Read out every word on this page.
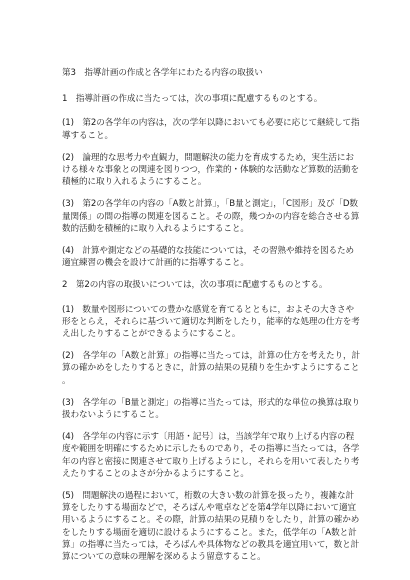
第3　指導計画の作成と各学年にわたる内容の取扱い

1　指導計画の作成に当たっては，次の事項に配慮するものとする。

(1)　第2の各学年の内容は，次の学年以降においても必要に応じて継続して指導すること。

(2)　論理的な思考力や直観力，問題解決の能力を育成するため，実生活における様々な事象との関連を図りつつ，作業的・体験的な活動など算数的活動を積極的に取り入れるようにすること。

(3)　第2の各学年の内容の「A数と計算」，「B量と測定」，「C図形」及び「D数量関係」の間の指導の関連を図ること。その際，幾つかの内容を総合させる算数的活動を積極的に取り入れるようにすること。

(4)　計算や測定などの基礎的な技能については，その習熟や維持を図るため適宜練習の機会を設けて計画的に指導すること。

2　第2の内容の取扱いについては，次の事項に配慮するものとする。

(1)　数量や図形についての豊かな感覚を育てるとともに，およその大きさや形をとらえ，それらに基づいて適切な判断をしたり，能率的な処理の仕方を考え出したりすることができるようにすること。

(2)　各学年の「A数と計算」の指導に当たっては，計算の仕方を考えたり，計算の確かめをしたりするときに，計算の結果の見積りを生かすようにすること。

(3)　各学年の「B量と測定」の指導に当たっては，形式的な単位の換算は取り扱わないようにすること。

(4)　各学年の内容に示す〔用語・記号〕は，当該学年で取り上げる内容の程度や範囲を明確にするために示したものであり，その指導に当たっては，各学年の内容と密接に関連させて取り上げるようにし，それらを用いて表したり考えたりすることのよさが分かるようにすること。

(5)　問題解決の過程において，桁数の大きい数の計算を扱ったり，複雑な計算をしたりする場面などで，そろばんや電卓などを第4学年以降において適宜用いるようにすること。その際，計算の結果の見積りをしたり，計算の確かめをしたりする場面を適切に設けるようにすること。また，低学年の「A数と計算」の指導に当たっては，そろばんや具体物などの教具を適宜用いて，数と計算についての意味の理解を深めるよう留意すること。
